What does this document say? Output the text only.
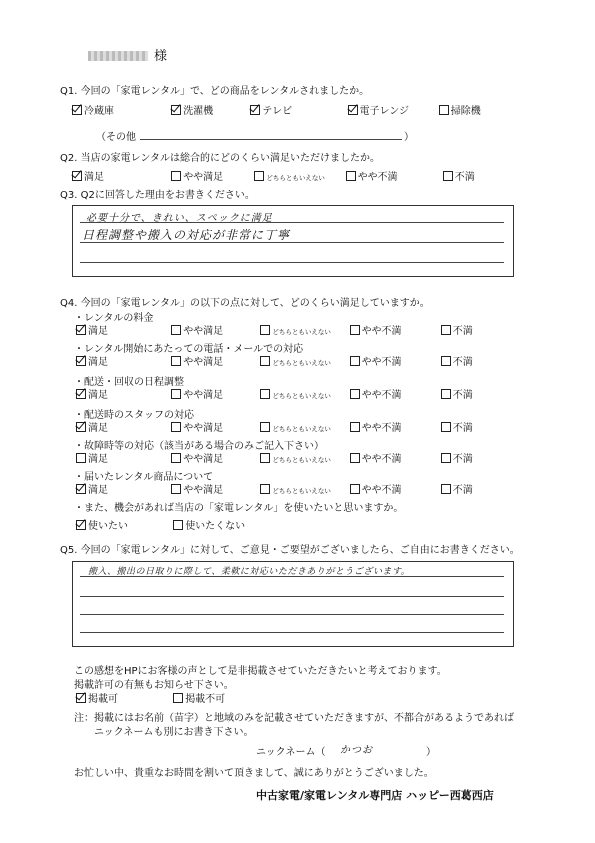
様
Q1. 今回の「家電レンタル」で、どの商品をレンタルされましたか。
冷蔵庫	洗濯機	テレビ	電子レンジ	掃除機
（その他	）
Q2. 当店の家電レンタルは総合的にどのくらい満足いただけましたか。
満足	やや満足	どちらともいえない	やや不満	不満
Q3. Q2に回答した理由をお書きください。
必要十分で、きれい、スペックに満足
日程調整や搬入の対応が非常に丁寧
Q4. 今回の「家電レンタル」の以下の点に対して、どのくらい満足していますか。
・レンタルの料金
満足	やや満足	どちらともいえない	やや不満	不満
・レンタル開始にあたっての電話・メールでの対応
満足	やや満足	どちらともいえない	やや不満	不満
・配送・回収の日程調整
満足	やや満足	どちらともいえない	やや不満	不満
・配送時のスタッフの対応
満足	やや満足	どちらともいえない	やや不満	不満
・故障時等の対応（該当がある場合のみご記入下さい）
満足	やや満足	どちらともいえない	やや不満	不満
・届いたレンタル商品について
満足	やや満足	どちらともいえない	やや不満	不満
・また、機会があれば当店の「家電レンタル」を使いたいと思いますか。
使いたい	使いたくない
Q5. 今回の「家電レンタル」に対して、ご意見・ご要望がございましたら、ご自由にお書きください。
搬入、搬出の日取りに際して、柔軟に対応いただきありがとうございます。
この感想をHPにお客様の声として是非掲載させていただきたいと考えております。
掲載許可の有無もお知らせ下さい。
掲載可	掲載不可
注：掲載にはお名前（苗字）と地域のみを記載させていただきますが、不都合があるようであれば
ニックネームも別にお書き下さい。
ニックネーム（ かつお	）
お忙しい中、貴重なお時間を割いて頂きまして、誠にありがとうございました。
中古家電/家電レンタル専門店 ハッピー西葛西店
